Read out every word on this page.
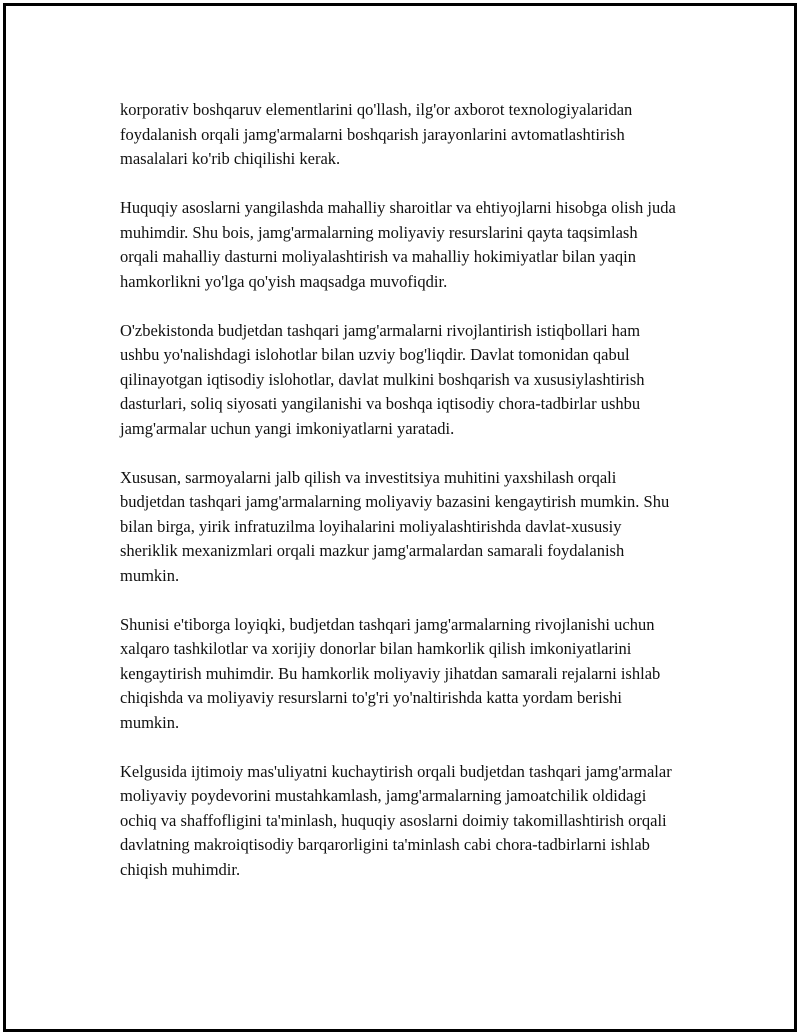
korporativ boshqaruv elementlarini qo'llash, ilg'or axborot texnologiyalaridan foydalanish orqali jamg'armalarni boshqarish jarayonlarini avtomatlashtirish masalalari ko'rib chiqilishi kerak.

Huquqiy asoslarni yangilashda mahalliy sharoitlar va ehtiyojlarni hisobga olish juda muhimdir. Shu bois, jamg'armalarning moliyaviy resurslarini qayta taqsimlash orqali mahalliy dasturni moliyalashtirish va mahalliy hokimiyatlar bilan yaqin hamkorlikni yo'lga qo'yish maqsadga muvofiqdir.

O'zbekistonda budjetdan tashqari jamg'armalarni rivojlantirish istiqbollari ham ushbu yo'nalishdagi islohotlar bilan uzviy bog'liqdir. Davlat tomonidan qabul qilinayotgan iqtisodiy islohotlar, davlat mulkini boshqarish va xususiylashtirish dasturlari, soliq siyosati yangilanishi va boshqa iqtisodiy chora-tadbirlar ushbu jamg'armalar uchun yangi imkoniyatlarni yaratadi.

Xususan, sarmoyalarni jalb qilish va investitsiya muhitini yaxshilash orqali budjetdan tashqari jamg'armalarning moliyaviy bazasini kengaytirish mumkin. Shu bilan birga, yirik infratuzilma loyihalarini moliyalashtirishda davlat-xususiy sheriklik mexanizmlari orqali mazkur jamg'armalardan samarali foydalanish mumkin.

Shunisi e'tiborga loyiqki, budjetdan tashqari jamg'armalarning rivojlanishi uchun xalqaro tashkilotlar va xorijiy donorlar bilan hamkorlik qilish imkoniyatlarini kengaytirish muhimdir. Bu hamkorlik moliyaviy jihatdan samarali rejalarni ishlab chiqishda va moliyaviy resurslarni to'g'ri yo'naltirishda katta yordam berishi mumkin.

Kelgusida ijtimoiy mas'uliyatni kuchaytirish orqali budjetdan tashqari jamg'armalar moliyaviy poydevorini mustahkamlash, jamg'armalarning jamoatchilik oldidagi ochiq va shaffofligini ta'minlash, huquqiy asoslarni doimiy takomillashtirish orqali davlatning makroiqtisodiy barqarorligini ta'minlash cabi chora-tadbirlarni ishlab chiqish muhimdir.
